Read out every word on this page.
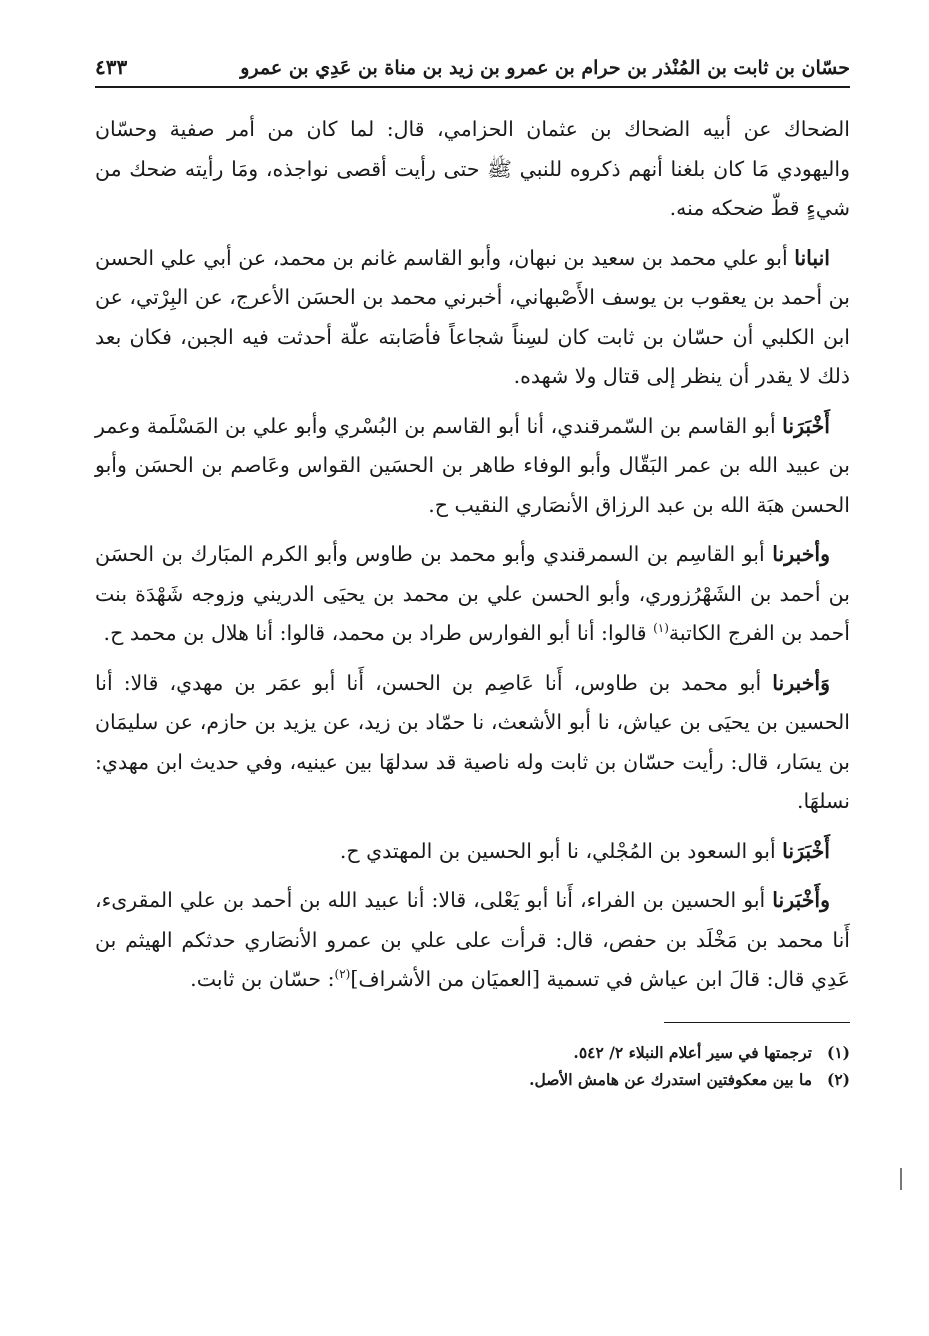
حسّان بن ثابت بن المُنْذر بن حرام بن عمرو بن زيد بن مناة بن عَدِي بن عمرو
٤٣٣

الضحاك عن أبيه الضحاك بن عثمان الحزامي، قال: لما كان من أمر صفية وحسّان واليهودي مَا كان بلغنا أنهم ذكروه للنبي ﷺ حتى رأيت أقصى نواجذه، ومَا رأيته ضحك من شيءٍ قطّ ضحكه منه.

انبانا أبو علي محمد بن سعيد بن نبهان، وأبو القاسم غانم بن محمد، عن أبي علي الحسن بن أحمد بن يعقوب بن يوسف الأَصْبهاني، أخبرني محمد بن الحسَن الأعرج، عن البِرْتي، عن ابن الكلبي أن حسّان بن ثابت كان لسِناً شجاعاً فأصَابته علّة أحدثت فيه الجبن، فكان بعد ذلك لا يقدر أن ينظر إلى قتال ولا شهده.

أَخْبَرَنا أبو القاسم بن السّمرقندي، أنا أبو القاسم بن البُسْري وأبو علي بن المَسْلَمة وعمر بن عبيد الله بن عمر البَقّال وأبو الوفاء طاهر بن الحسَين القواس وعَاصم بن الحسَن وأبو الحسن هبَة الله بن عبد الرزاق الأنصَاري النقيب ح.

وأخبرنا أبو القاسِم بن السمرقندي وأبو محمد بن طاوس وأبو الكرم المبَارك بن الحسَن بن أحمد بن الشَهْرُزوري، وأبو الحسن علي بن محمد بن يحيَى الدريني وزوجه شَهْدَة بنت أحمد بن الفرج الكاتبة$^{(١)}$ قالوا: أنا أبو الفوارس طراد بن محمد، قالوا: أنا هلال بن محمد ح.

وَأخبرنا أبو محمد بن طاوس، أَنا عَاصِم بن الحسن، أَنا أبو عمَر بن مهدي، قالا: أنا الحسين بن يحيَى بن عياش، نا أبو الأشعث، نا حمّاد بن زيد، عن يزيد بن حازم، عن سليمَان بن يسَار، قال: رأيت حسّان بن ثابت وله ناصية قد سدلهَا بين عينيه، وفي حديث ابن مهدي: نسلهَا.

أَخْبَرَنا أبو السعود بن المُجْلي، نا أبو الحسين بن المهتدي ح.

وأَخْبَرنا أبو الحسين بن الفراء، أَنا أبو يَعْلى، قالا: أنا عبيد الله بن أحمد بن علي المقرىء، أَنا محمد بن مَخْلَد بن حفص، قال: قرأت على علي بن عمرو الأنصَاري حدثكم الهيثم بن عَدِي قال: قالَ ابن عياش في تسمية [العميَان من الأشراف]$^{(٢)}$: حسّان بن ثابت.

(١)
ترجمتها في سير أعلام النبلاء ٢/ ٥٤٢.
(٢)
ما بين معكوفتين استدرك عن هامش الأصل.
